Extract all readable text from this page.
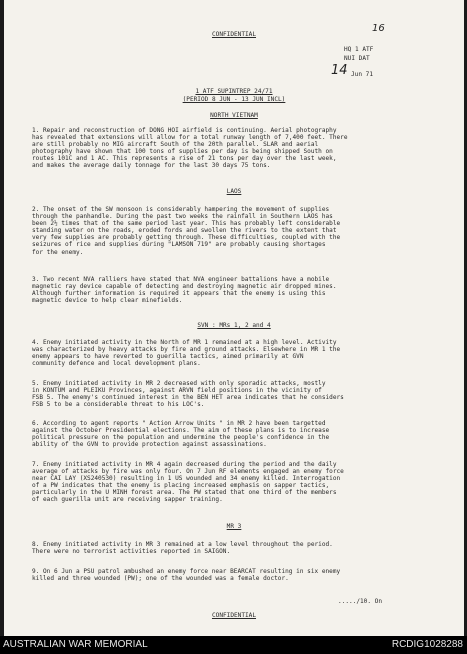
CONFIDENTIAL
16
HQ 1 ATF
NUI DAT
14 Jun 71
1 ATF SUPINTREP 24/71
(PERIOD 8 JUN - 13 JUN INCL)
NORTH VIETNAM
1. Repair and reconstruction of DONG HOI airfield is continuing. Aerial photography
has revealed that extensions will allow for a total runway length of 7,400 feet. There
are still probably no MIG aircraft South of the 20th parallel. SLAR and aerial
photography have shown that 100 tons of supplies per day is being shipped South on
routes 101C and 1 AC. This represents a rise of 21 tons per day over the last week,
and makes the average daily tonnage for the last 30 days 75 tons.
LAOS
2. The onset of the SW monsoon is considerably hampering the movement of supplies
through the panhandle. During the past two weeks the rainfall in Southern LAOS has
been 2½ times that of the same period last year. This has probably left considerable
standing water on the roads, eroded fords and swollen the rivers to the extent that
very few supplies are probably getting through. These difficulties, coupled with the
seizures of rice and supplies during "LAMSON 719" are probably causing shortages
for the enemy.
3. Two recent NVA ralliers have stated that NVA engineer battalions have a mobile
magnetic ray device capable of detecting and destroying magnetic air dropped mines.
Although further information is required it appears that the enemy is using this
magnetic device to help clear minefields.
SVN : MRs 1, 2 and 4
4. Enemy initiated activity in the North of MR 1 remained at a high level. Activity
was characterized by heavy attacks by fire and ground attacks. Elsewhere in MR 1 the
enemy appears to have reverted to guerilla tactics, aimed primarily at GVN
community defence and local development plans.
5. Enemy initiated activity in MR 2 decreased with only sporadic attacks, mostly
in KONTUM and PLEIKU Provinces, against ARVN field positions in the vicinity of
FSB 5. The enemy's continued interest in the BEN HET area indicates that he considers
FSB 5 to be a considerable threat to his LOC's.
6. According to agent reports " Action Arrow Units " in MR 2 have been targetted
against the October Presidential elections. The aim of these plans is to increase
political pressure on the population and undermine the people's confidence in the
ability of the GVN to provide protection against assassinations.
7. Enemy initiated activity in MR 4 again decreased during the period and the daily
average of attacks by fire was only four. On 7 Jun RF elements engaged an enemy force
near CAI LAY (XS240530) resulting in 1 US wounded and 34 enemy killed. Interrogation
of a PW indicates that the enemy is placing increased emphasis on sapper tactics,
particularly in the U MINH forest area. The PW stated that one third of the members
of each guerilla unit are receiving sapper training.
MR 3
8. Enemy initiated activity in MR 3 remained at a low level throughout the period.
There were no terrorist activities reported in SAIGON.
9. On 6 Jun a PSU patrol ambushed an enemy force near BEARCAT resulting in six enemy
killed and three wounded (PW); one of the wounded was a female doctor.
...../10. On
CONFIDENTIAL
AUSTRALIAN WAR MEMORIAL	RCDIG1028288
